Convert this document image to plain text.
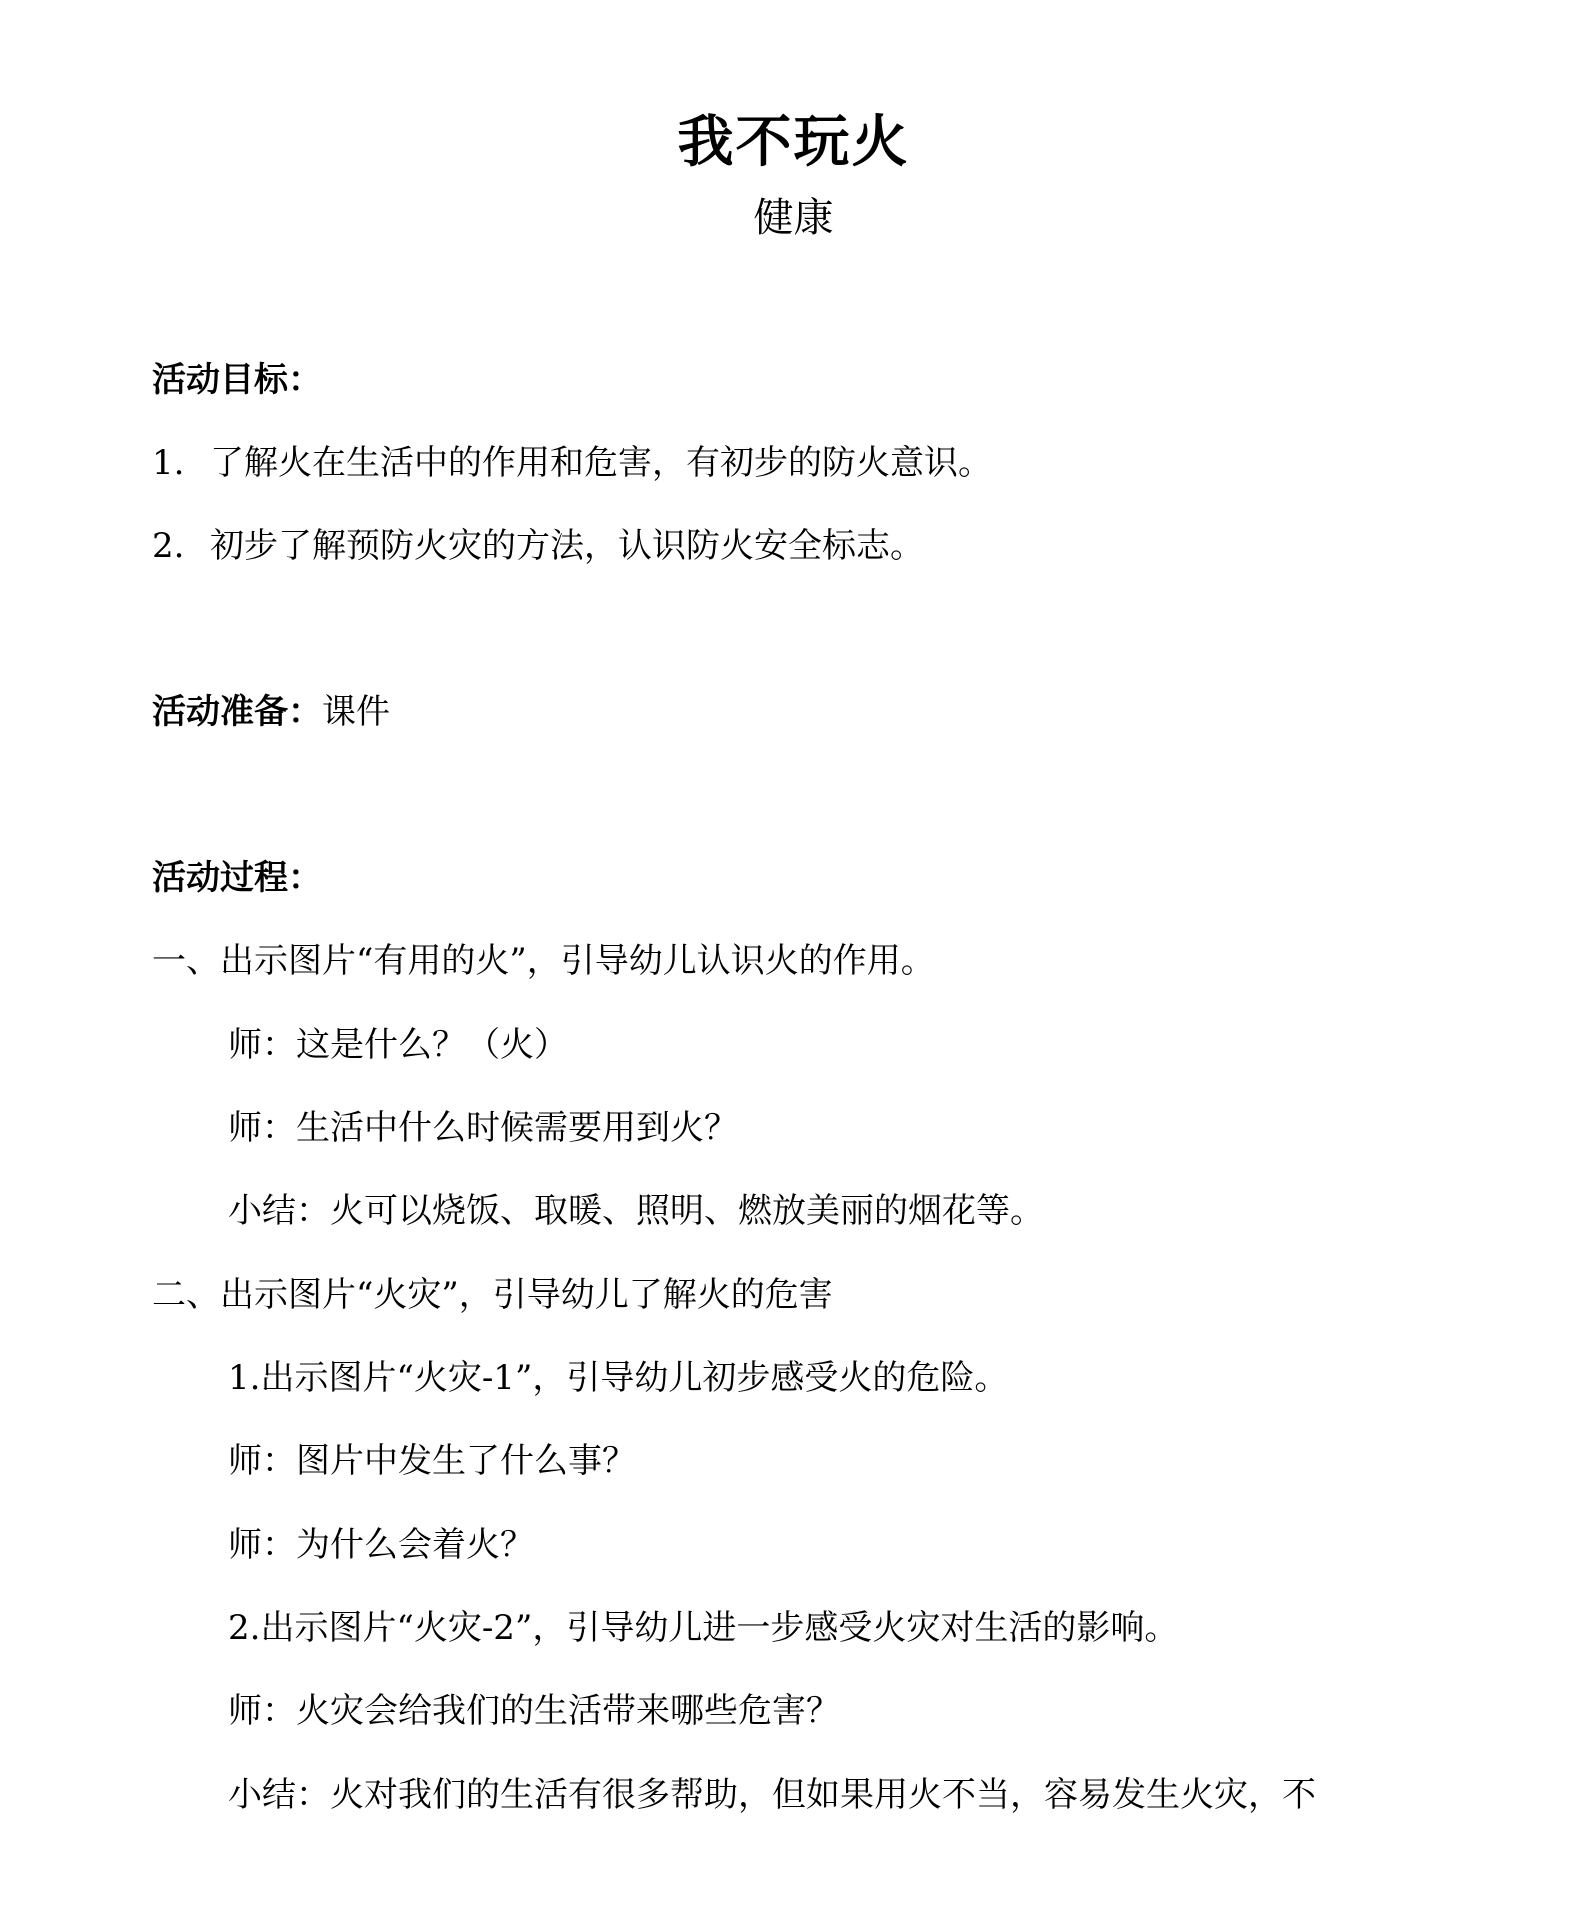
我不玩火
健康
活动目标：
1. 了解火在生活中的作用和危害，有初步的防火意识。
2. 初步了解预防火灾的方法，认识防火安全标志。
活动准备：课件
活动过程：
一、出示图片“有用的火”，引导幼儿认识火的作用。
师：这是什么？（火）
师：生活中什么时候需要用到火？
小结：火可以烧饭、取暖、照明、燃放美丽的烟花等。
二、出示图片“火灾”，引导幼儿了解火的危害
1.出示图片“火灾-1”，引导幼儿初步感受火的危险。
师：图片中发生了什么事？
师：为什么会着火？
2.出示图片“火灾-2”，引导幼儿进一步感受火灾对生活的影响。
师：火灾会给我们的生活带来哪些危害？
小结：火对我们的生活有很多帮助，但如果用火不当，容易发生火灾，不
